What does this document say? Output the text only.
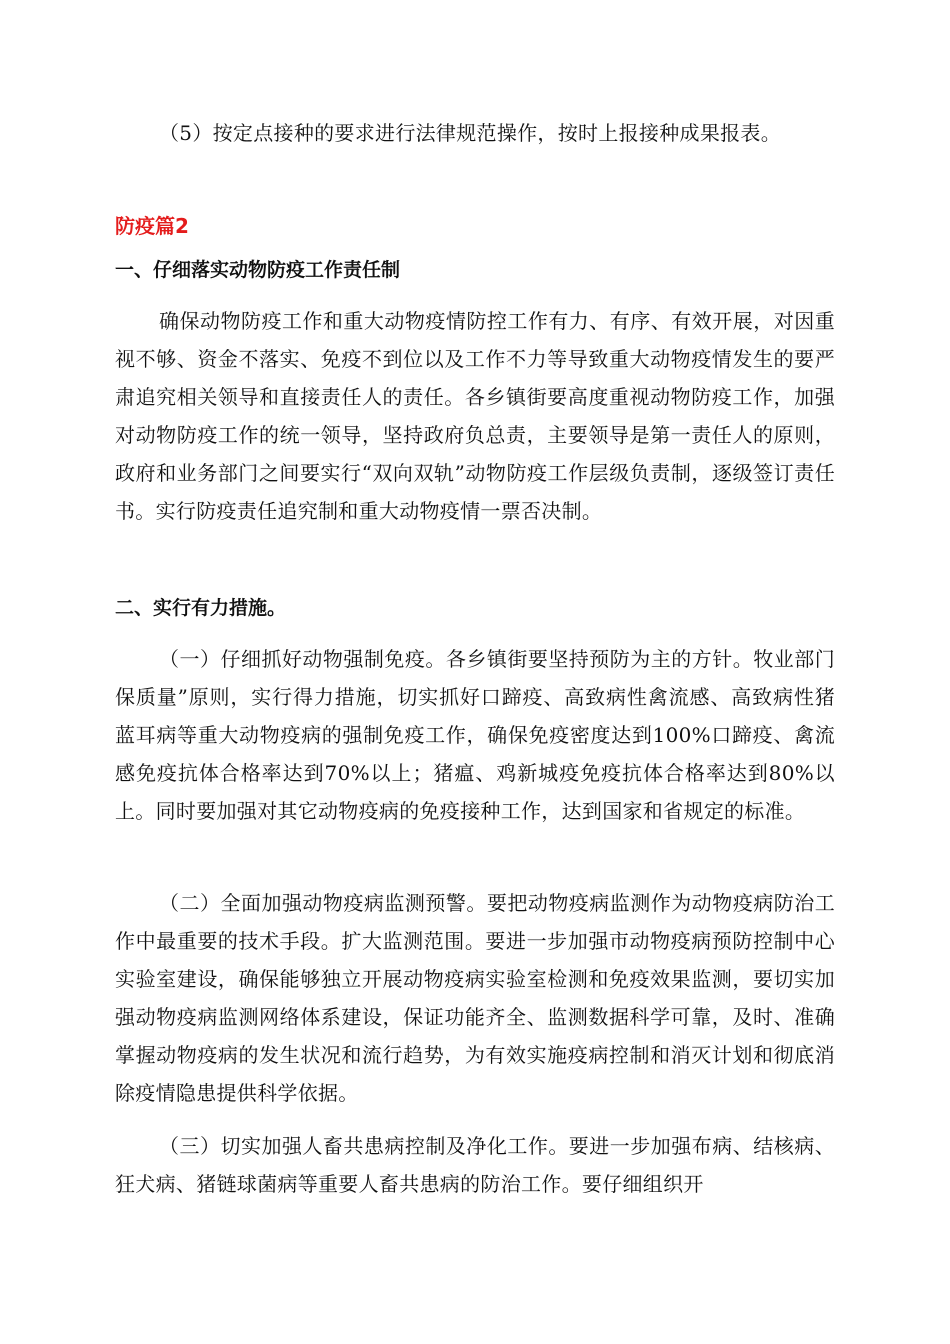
（5）按定点接种的要求进行法律规范操作，按时上报接种成果报表。

防疫篇2
一、仔细落实动物防疫工作责任制

确保动物防疫工作和重大动物疫情防控工作有力、有序、有效开展，对因重视不够、资金不落实、免疫不到位以及工作不力等导致重大动物疫情发生的要严肃追究相关领导和直接责任人的责任。各乡镇街要高度重视动物防疫工作，加强对动物防疫工作的统一领导，坚持政府负总责，主要领导是第一责任人的原则，政府和业务部门之间要实行“双向双轨”动物防疫工作层级负责制，逐级签订责任书。实行防疫责任追究制和重大动物疫情一票否决制。

二、实行有力措施。

（一）仔细抓好动物强制免疫。各乡镇街要坚持预防为主的方针。牧业部门保质量”原则，实行得力措施，切实抓好口蹄疫、高致病性禽流感、高致病性猪蓝耳病等重大动物疫病的强制免疫工作，确保免疫密度达到100%口蹄疫、禽流感免疫抗体合格率达到70%以上；猪瘟、鸡新城疫免疫抗体合格率达到80%以上。同时要加强对其它动物疫病的免疫接种工作，达到国家和省规定的标准。

（二）全面加强动物疫病监测预警。要把动物疫病监测作为动物疫病防治工作中最重要的技术手段。扩大监测范围。要进一步加强市动物疫病预防控制中心实验室建设，确保能够独立开展动物疫病实验室检测和免疫效果监测，要切实加强动物疫病监测网络体系建设，保证功能齐全、监测数据科学可靠，及时、准确掌握动物疫病的发生状况和流行趋势，为有效实施疫病控制和消灭计划和彻底消除疫情隐患提供科学依据。

（三）切实加强人畜共患病控制及净化工作。要进一步加强布病、结核病、狂犬病、猪链球菌病等重要人畜共患病的防治工作。要仔细组织开
